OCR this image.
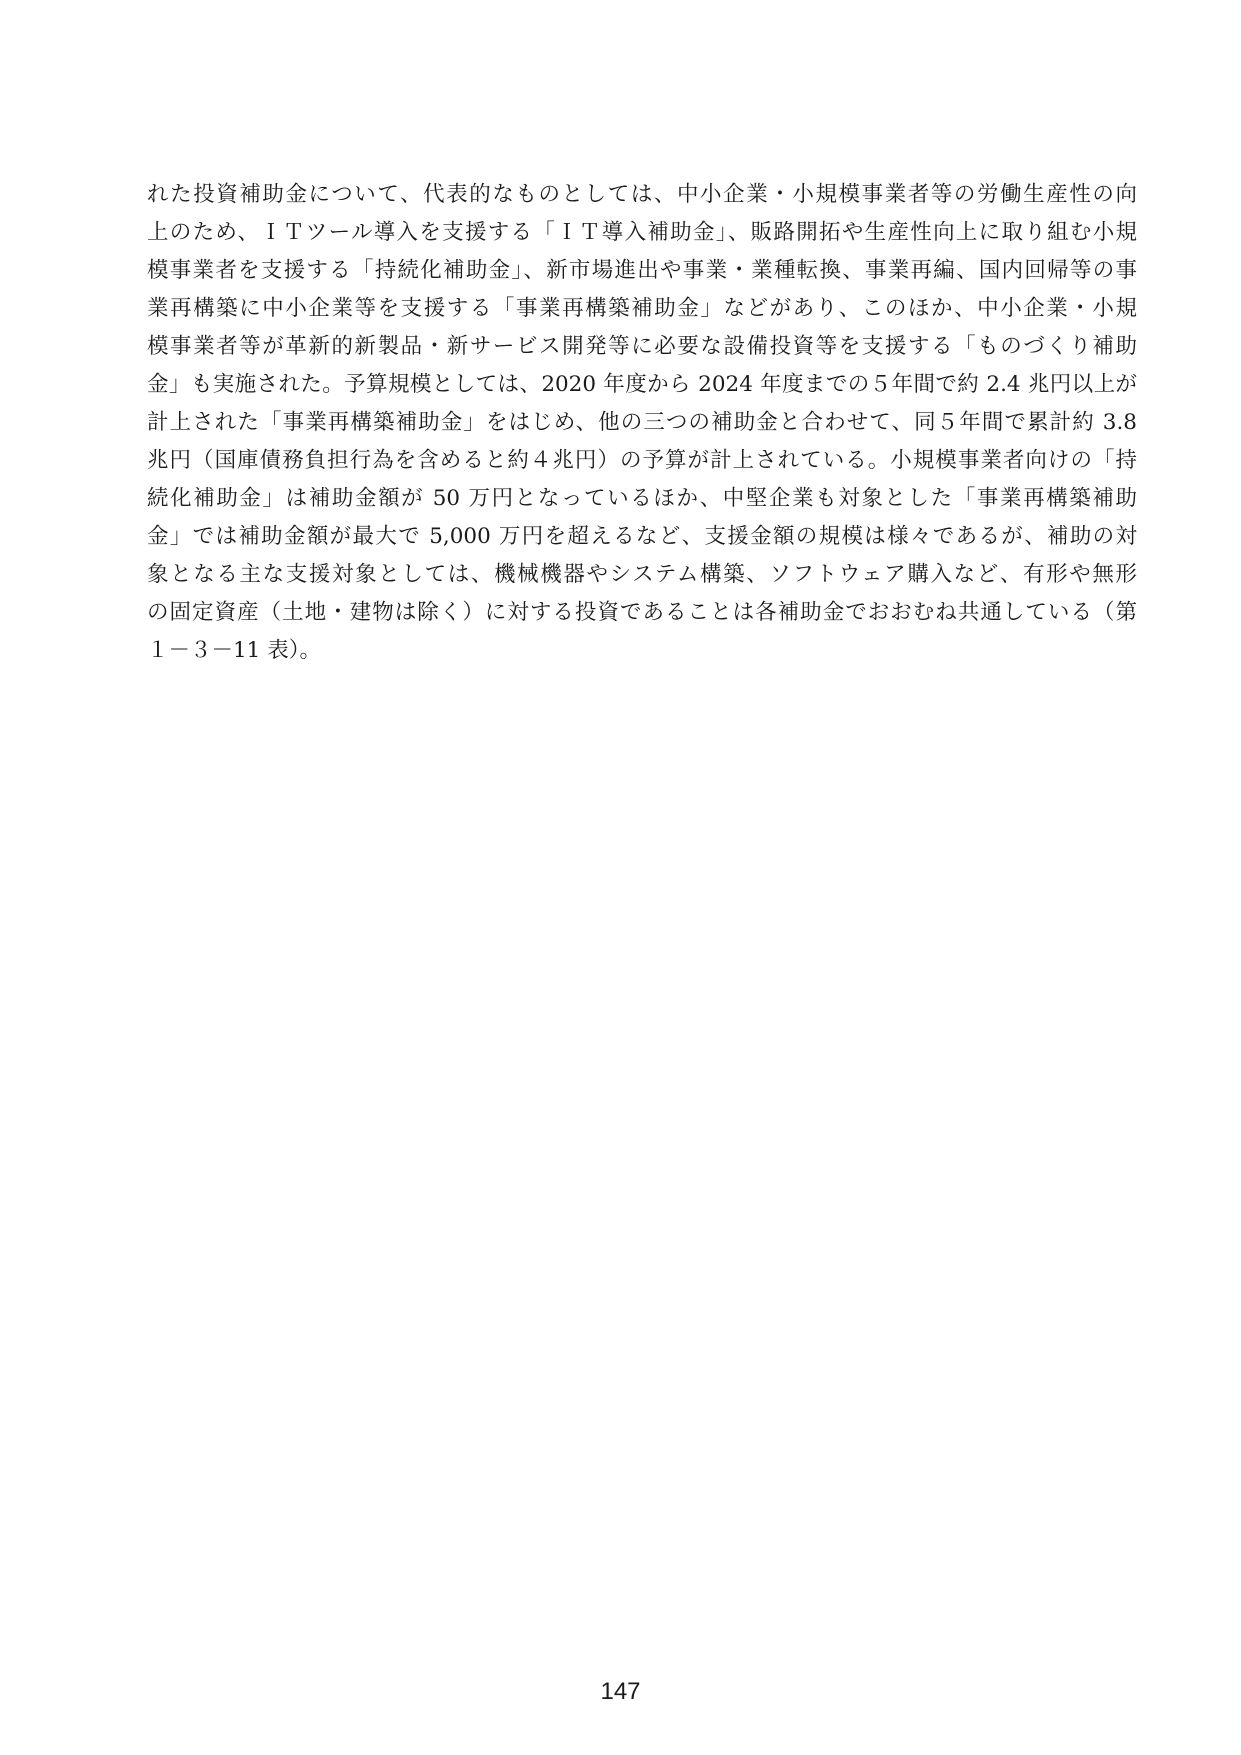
れた投資補助金について、代表的なものとしては、中小企業・小規模事業者等の労働生産性の向
上のため、ＩＴツール導入を支援する「ＩＴ導入補助金」、販路開拓や生産性向上に取り組む小規
模事業者を支援する「持続化補助金」、新市場進出や事業・業種転換、事業再編、国内回帰等の事
業再構築に中小企業等を支援する「事業再構築補助金」などがあり、このほか、中小企業・小規
模事業者等が革新的新製品・新サービス開発等に必要な設備投資等を支援する「ものづくり補助
金」も実施された。予算規模としては、2020 年度から 2024 年度までの５年間で約 2.4 兆円以上が
計上された「事業再構築補助金」をはじめ、他の三つの補助金と合わせて、同５年間で累計約 3.8
兆円（国庫債務負担行為を含めると約４兆円）の予算が計上されている。小規模事業者向けの「持
続化補助金」は補助金額が 50 万円となっているほか、中堅企業も対象とした「事業再構築補助
金」では補助金額が最大で 5,000 万円を超えるなど、支援金額の規模は様々であるが、補助の対
象となる主な支援対象としては、機械機器やシステム構築、ソフトウェア購入など、有形や無形
の固定資産（土地・建物は除く）に対する投資であることは各補助金でおおむね共通している（第
１－３－11 表）。
147
